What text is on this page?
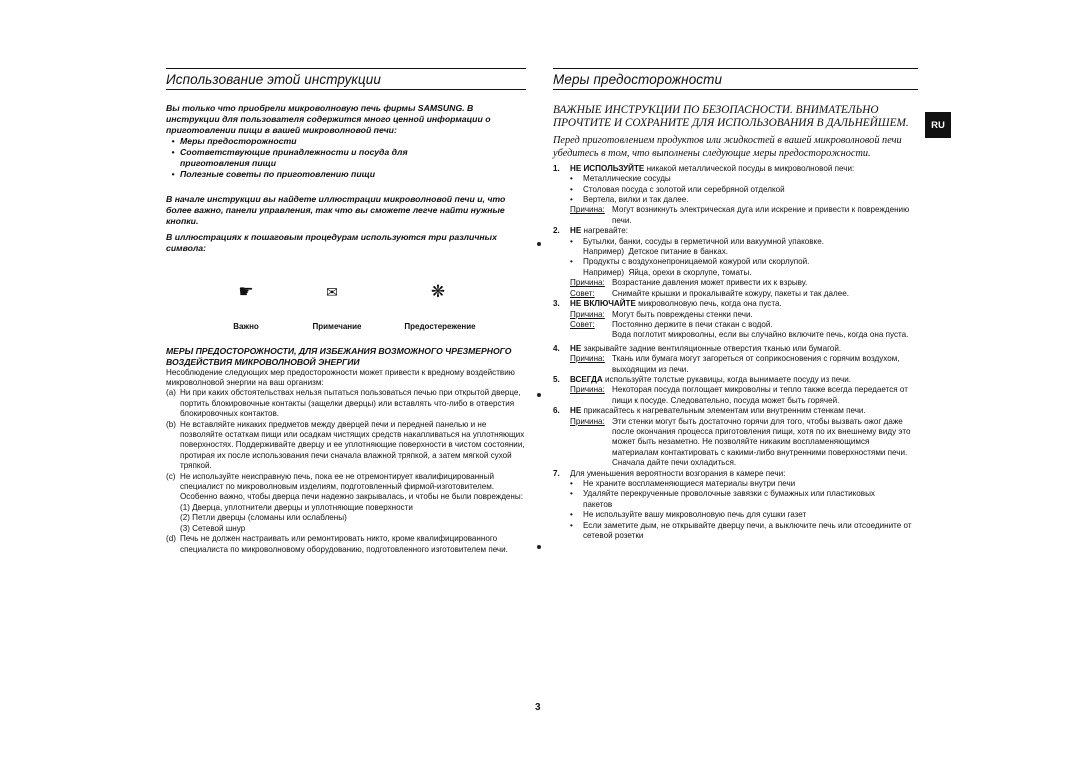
Использование этой инструкции
Вы только что приобрели микроволновую печь фирмы SAMSUNG. В инструкции для пользователя содержится много ценной информации о приготовлении пищи в вашей микроволновой печи:
• Меры предосторожности
• Соответствующие принадлежности и посуда для приготовления пищи
• Полезные советы по приготовлению пищи
В начале инструкции вы найдете иллюстрации микроволновой печи и, что более важно, панели управления, так что вы сможете легче найти нужные кнопки.
В иллюстрациях к пошаговым процедурам используются три различных символа:
☛	✉	❋
Важно	Примечание	Предостережение
МЕРЫ ПРЕДОСТОРОЖНОСТИ, ДЛЯ ИЗБЕЖАНИЯ ВОЗМОЖНОГО ЧРЕЗМЕРНОГО ВОЗДЕЙСТВИЯ МИКРОВОЛНОВОЙ ЭНЕРГИИ
Несоблюдение следующих мер предосторожности может привести к вредному воздействию микроволновой энергии на ваш организм:
(a) Ни при каких обстоятельствах нельзя пытаться пользоваться печью при открытой дверце, портить блокировочные контакты (защелки дверцы) или вставлять что-либо в отверстия блокировочных контактов.
(b) Не вставляйте никаких предметов между дверцей печи и передней панелью и не позволяйте остаткам пищи или осадкам чистящих средств накапливаться на уплотняющих поверхностях. Поддерживайте дверцу и ее уплотняющие поверхности в чистом состоянии, протирая их после использования печи сначала влажной тряпкой, а затем мягкой сухой тряпкой.
(c) Не используйте неисправную печь, пока ее не отремонтирует квалифицированный специалист по микроволновым изделиям, подготовленный фирмой-изготовителем.
Особенно важно, чтобы дверца печи надежно закрывалась, и чтобы не были повреждены:
(1) Дверца, уплотнители дверцы и уплотняющие поверхности
(2) Петли дверцы (сломаны или ослаблены)
(3) Сетевой шнур
(d) Печь не должен настраивать или ремонтировать никто, кроме квалифицированного специалиста по микроволновому оборудованию, подготовленного изготовителем печи.
Меры предосторожности
RU
ВАЖНЫЕ ИНСТРУКЦИИ ПО БЕЗОПАСНОСТИ. ВНИМАТЕЛЬНО ПРОЧТИТЕ И СОХРАНИТЕ ДЛЯ ИСПОЛЬЗОВАНИЯ В ДАЛЬНЕЙШЕМ.
Перед приготовлением продуктов или жидкостей в вашей микроволновой печи убедитесь в том, что выполнены следующие меры предосторожности.
1.	НЕ ИСПОЛЬЗУЙТЕ никакой металлической посуды в микроволновой печи:
•	Металлические сосуды
•	Столовая посуда с золотой или серебряной отделкой
•	Вертела, вилки и так далее.
Причина: Могут возникнуть электрическая дуга или искрение и привести к повреждению печи.
2.	НЕ нагревайте:
•	Бутылки, банки, сосуды в герметичной или вакуумной упаковке.
Например) Детское питание в банках.
•	Продукты с воздухонепроницаемой кожурой или скорлупой.
Например) Яйца, орехи в скорлупе, томаты.
Причина: Возрастание давления может привести их к взрыву.
Совет:	Снимайте крышки и прокалывайте кожуру, пакеты и так далее.
3.	НЕ ВКЛЮЧАЙТЕ микроволновую печь, когда она пуста.
Причина: Могут быть повреждены стенки печи.
Совет:	Постоянно держите в печи стакан с водой.
Вода поглотит микроволны, если вы случайно включите печь, когда она пуста.
4.	НЕ закрывайте задние вентиляционные отверстия тканью или бумагой.
Причина: Ткань или бумага могут загореться от соприкосновения с горячим воздухом, выходящим из печи.
5.	ВСЕГДА используйте толстые рукавицы, когда вынимаете посуду из печи.
Причина: Некоторая посуда поглощает микроволны и тепло также всегда передается от пищи к посуде. Следовательно, посуда может быть горячей.
6.	НЕ прикасайтесь к нагревательным элементам или внутренним стенкам печи.
Причина: Эти стенки могут быть достаточно горячи для того, чтобы вызвать ожог даже после окончания процесса приготовления пищи, хотя по их внешнему виду это может быть незаметно. Не позволяйте никаким воспламеняющимся материалам контактировать с какими-либо внутренними поверхностями печи. Сначала дайте печи охладиться.
7.	Для уменьшения вероятности возгорания в камере печи:
•	Не храните воспламеняющиеся материалы внутри печи
•	Удаляйте перекрученные проволочные завязки с бумажных или пластиковых пакетов
•	Не используйте вашу микроволновую печь для сушки газет
•	Если заметите дым, не открывайте дверцу печи, а выключите печь или отсоедините от сетевой розетки
3
